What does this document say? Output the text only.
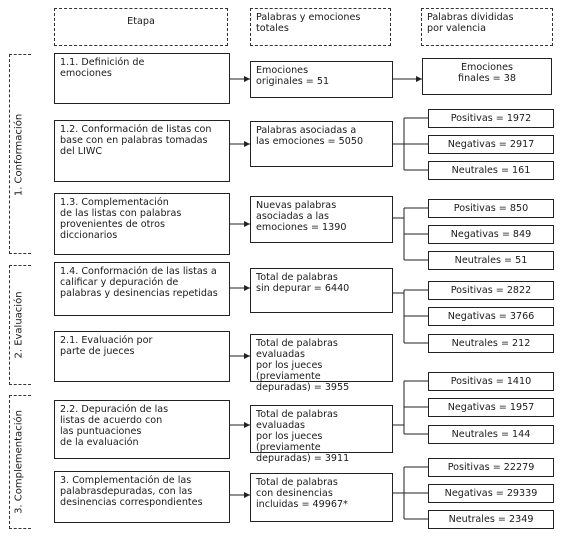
Etapa	Palabras y emociones
totales
Palabras divididas
por valencia
1. Conformación
2. Evaluación
3. Complementación
1.1. Definición de
emociones
1.2. Conformación de listas con
base con en palabras tomadas
del LIWC
1.3. Complementación
de las listas con palabras
provenientes de otros
diccionarios
1.4. Conformación de las listas a
calificar y depuración de
palabras y desinencias repetidas
2.1. Evaluación por
parte de jueces
2.2. Depuración de las
listas de acuerdo con
las puntuaciones
de la evaluación
3. Complementación de las
palabrasdepuradas, con las
desinencias correspondientes
Emociones
originales = 51
Palabras asociadas a
las emociones = 5050
Nuevas palabras
asociadas a las
emociones = 1390
Total de palabras
sin depurar = 6440
Total de palabras evaluadas
por los jueces (previamente
depuradas) = 3955
Total de palabras evaluadas
por los jueces (previamente
depuradas) = 3911
Total de palabras
con desinencias
incluidas = 49967*
Emociones
finales = 38
Positivas = 1972
Negativas = 2917
Neutrales = 161
Positivas = 850
Negativas = 849
Neutrales = 51
Positivas = 2822
Negativas = 3766
Neutrales = 212
Positivas = 1410
Negativas = 1957
Neutrales = 144
Positivas = 22279
Negativas = 29339
Neutrales = 2349
